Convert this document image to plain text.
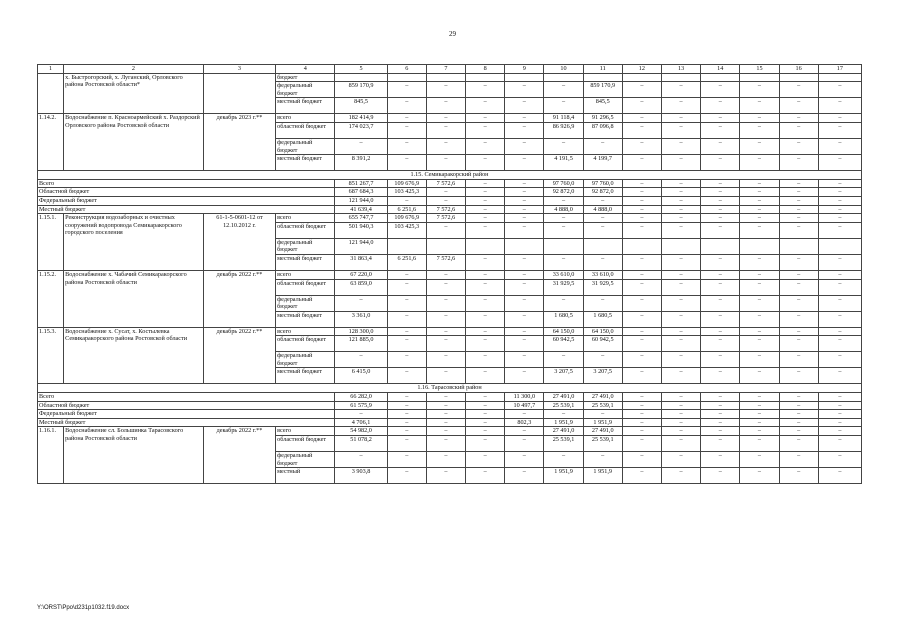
29
1	2	3	4	5	6	7	8	9	10	11	12	13	14	15	16	17
	х. Быстрогорский, х. Луганский, Орловского района Ростовской области*		бюджет													
			федеральный бюджет	859 170,9	–	–	–	–	–	859 170,9	–	–	–	–	–	–
			местный бюджет	845,5	–	–	–	–	–	845,5	–	–	–	–	–	–
1.14.2.	Водоснабжение п. Красноармейский х. Раздорский Орловского района Ростовской области	декабрь 2023 г.**	всего	182 414,9	–	–	–	–	91 118,4	91 296,5	–	–	–	–	–	–
			областной бюджет	174 023,7	–	–	–	–	86 926,9	87 096,8	–	–	–	–	–	–
			федеральный бюджет	–	–	–	–	–	–	–	–	–	–	–	–	–
			местный бюджет	8 391,2	–	–	–	–	4 191,5	4 199,7	–	–	–	–	–	–
1.15. Семикаракорский район																
Всего				851 267,7	109 676,9	7 572,6	–	–	97 760,0	97 760,0	–	–	–	–	–	–
Областной бюджет				687 684,3	103 425,3	–	–	–	92 872,0	92 872,0	–	–	–	–	–	–
Федеральный бюджет				121 944,0	–	–	–	–	–	–	–	–	–	–	–	–
Местный бюджет				41 639,4	6 251,6	7 572,6	–	–	4 888,0	4 888,0	–	–	–	–	–	–
1.15.1.	Реконструкция водозаборных и очистных сооружений водопровода Семикаракорского городского поселения	61-1-5-0601-12 от 12.10.2012 г.	всего	655 747,7	109 676,9	7 572,6	–	–	–	–	–	–	–	–	–	–
			областной бюджет	501 940,3	103 425,3	–	–	–	–	–	–	–	–	–	–	–
			федеральный бюджет	121 944,0												
			местный бюджет	31 863,4	6 251,6	7 572,6	–	–	–	–	–	–	–	–	–	–
1.15.2.	Водоснабжение х. Чабачий Семикаракорского района Ростовской области	декабрь 2022 г.**	всего	67 220,0	–	–	–	–	33 610,0	33 610,0	–	–	–	–	–	–
			областной бюджет	63 859,0	–	–	–	–	31 929,5	31 929,5	–	–	–	–	–	–
			федеральный бюджет	–	–	–	–	–	–	–	–	–	–	–	–	–
			местный бюджет	3 361,0	–	–	–	–	1 680,5	1 680,5	–	–	–	–	–	–
1.15.3.	Водоснабжение х. Сусат, х. Костылевка Семикаракорского района Ростовской области	декабрь 2022 г.**	всего	128 300,0	–	–	–	–	64 150,0	64 150,0	–	–	–	–	–	–
			областной бюджет	121 885,0	–	–	–	–	60 942,5	60 942,5	–	–	–	–	–	–
			федеральный бюджет	–	–	–	–	–	–	–	–	–	–	–	–	–
			местный бюджет	6 415,0	–	–	–	–	3 207,5	3 207,5	–	–	–	–	–	–
1.16. Тарасовский район																
Всего				66 282,0	–	–	–	11 300,0	27 491,0	27 491,0	–	–	–	–	–	–
Областной бюджет				61 575,9	–	–	–	10 497,7	25 539,1	25 539,1	–	–	–	–	–	–
Федеральный бюджет				–	–	–	–	–	–	–	–	–	–	–	–	–
Местный бюджет				4 706,1	–	–	–	802,3	1 951,9	1 951,9	–	–	–	–	–	–
1.16.1.	Водоснабжение сл. Большинка Тарасовского района Ростовской области	декабрь 2022 г.**	всего	54 982,0	–	–	–	–	27 491,0	27 491,0	–	–	–	–	–	–
			областной бюджет	51 078,2	–	–	–	–	25 539,1	25 539,1	–	–	–	–	–	–
			федеральный бюджет	–	–	–	–	–	–	–	–	–	–	–	–	–
			местный	3 903,8	–	–	–	–	1 951,9	1 951,9	–	–	–	–	–	–
Y:\ORST\Ppo\d231p1032.f19.docx
